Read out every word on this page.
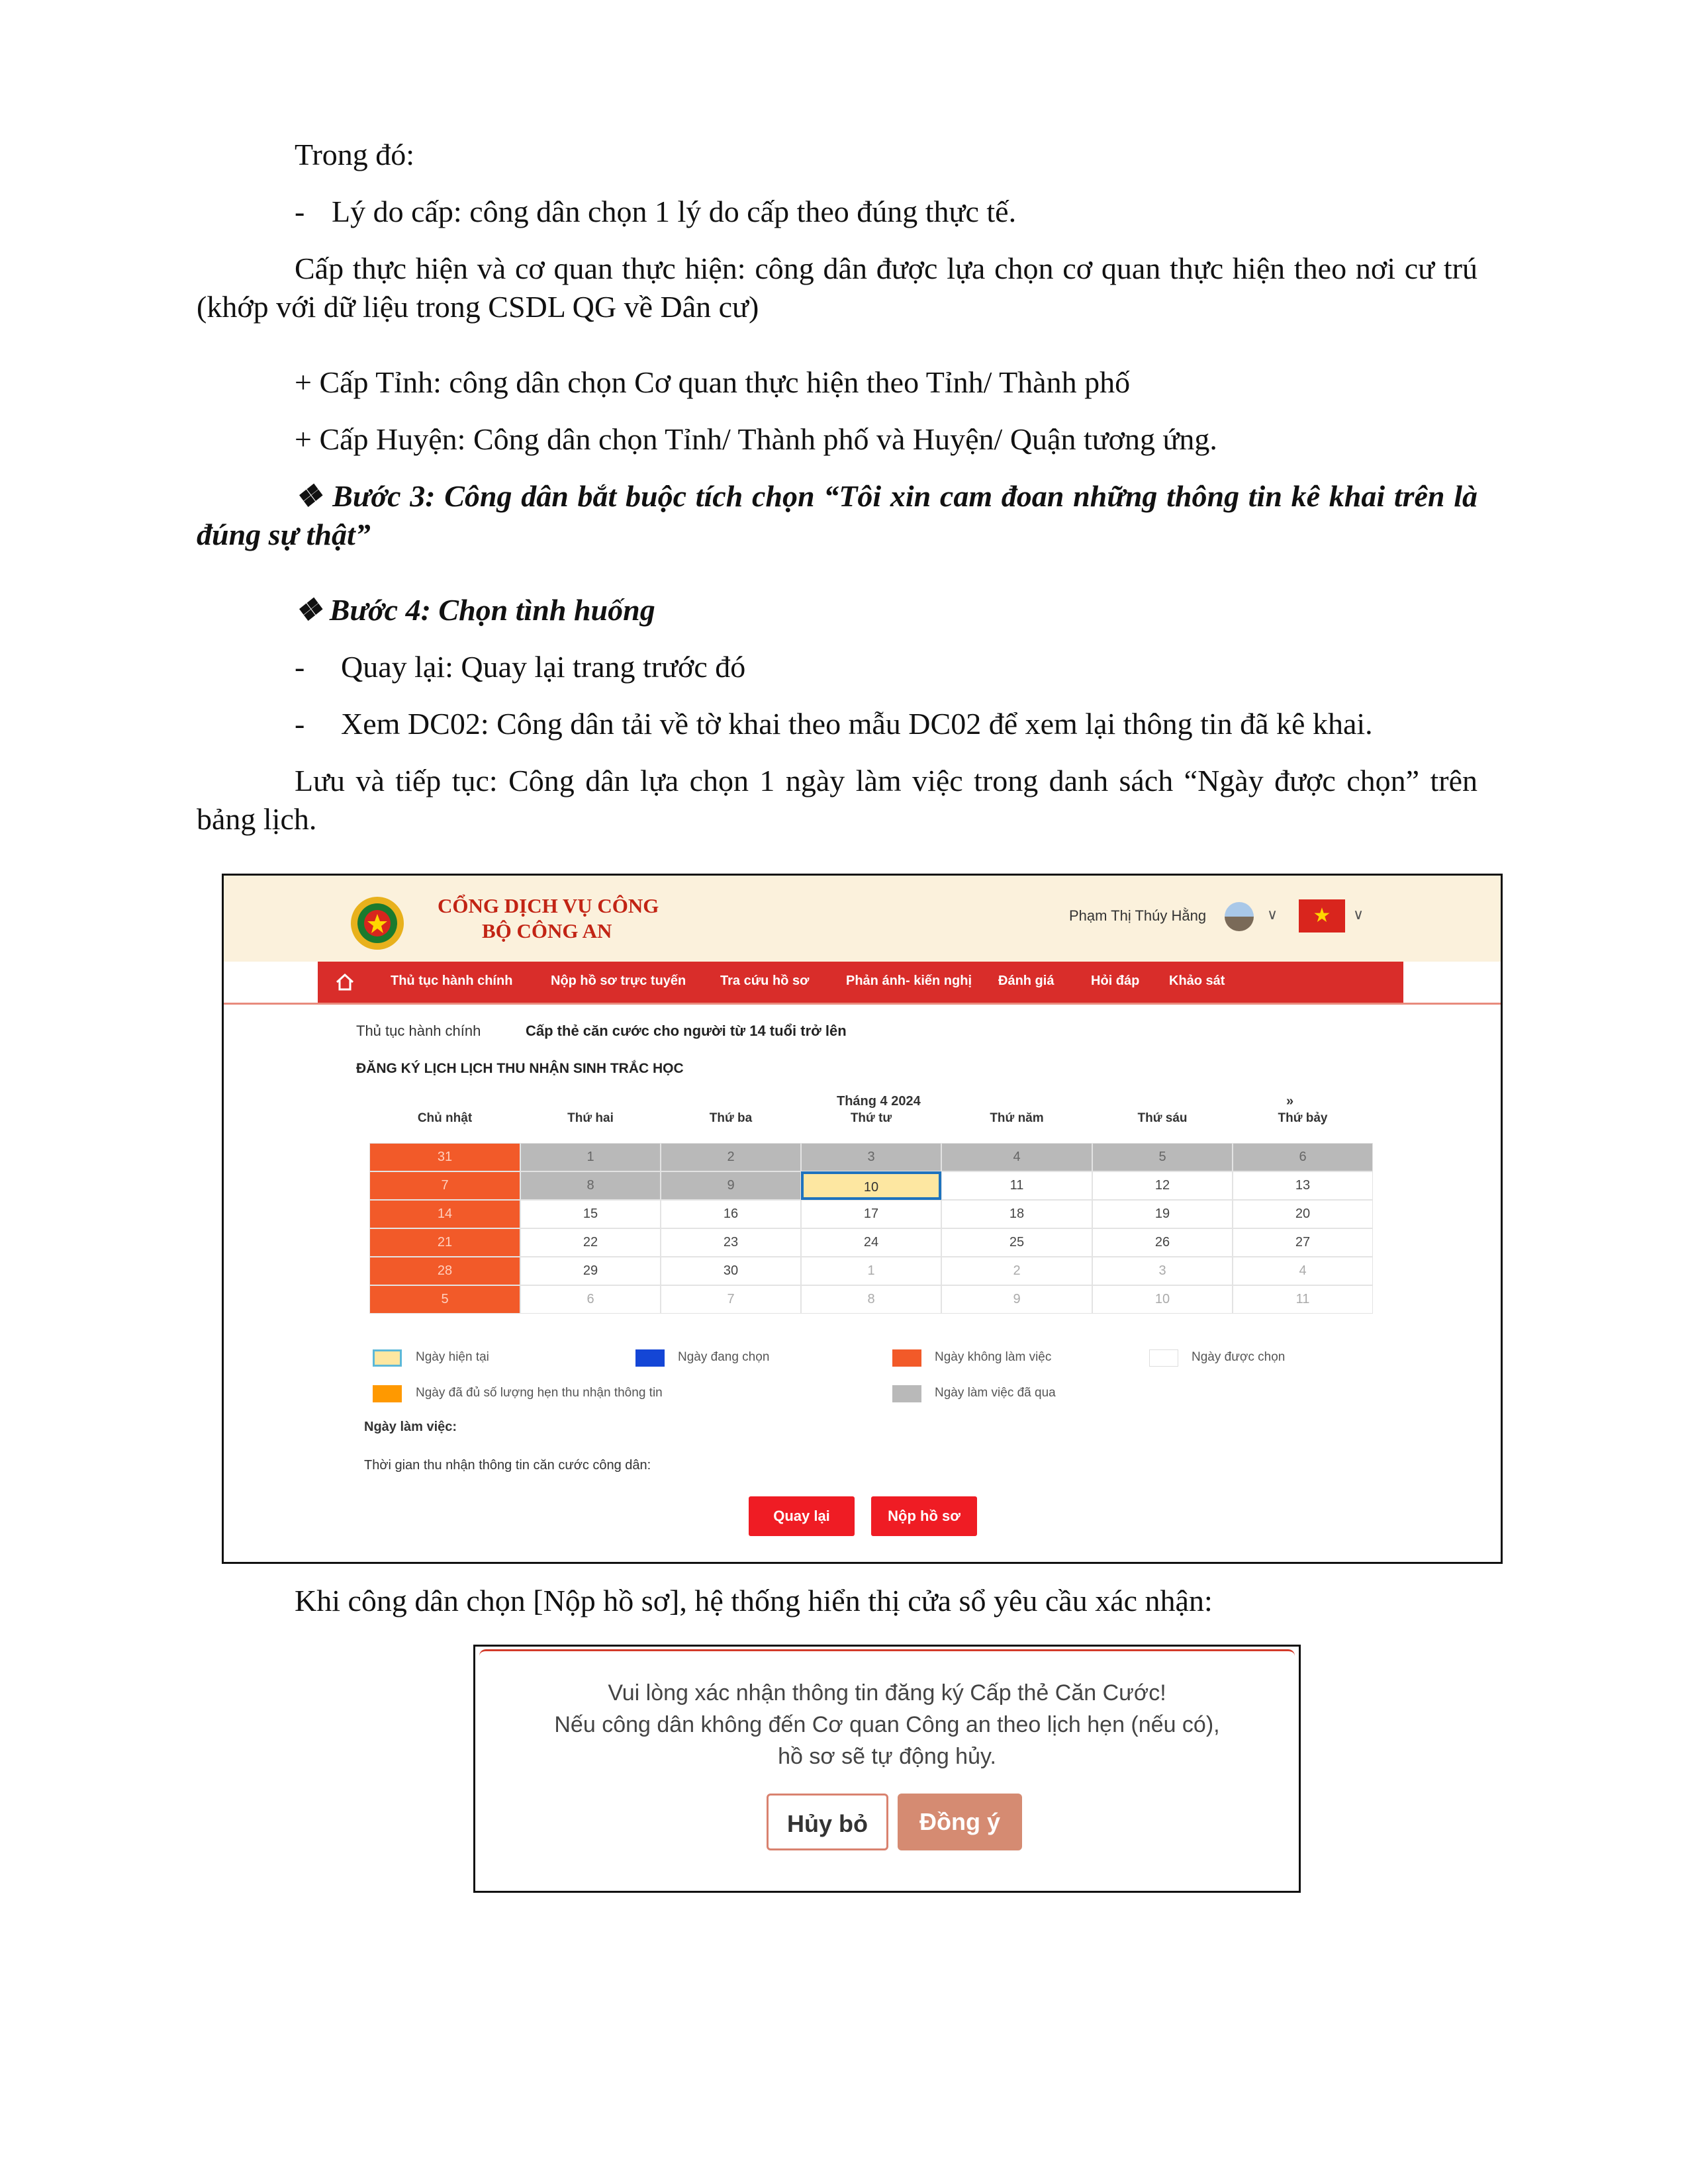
Trong đó:
- Lý do cấp: công dân chọn 1 lý do cấp theo đúng thực tế.
Cấp thực hiện và cơ quan thực hiện: công dân được lựa chọn cơ quan thực hiện theo nơi cư trú (khớp với dữ liệu trong CSDL QG về Dân cư)
+ Cấp Tỉnh: công dân chọn Cơ quan thực hiện theo Tỉnh/ Thành phố
+ Cấp Huyện: Công dân chọn Tỉnh/ Thành phố và Huyện/ Quận tương ứng.
❖ Bước 3: Công dân bắt buộc tích chọn “Tôi xin cam đoan những thông tin kê khai trên là đúng sự thật”
❖ Bước 4: Chọn tình huống
- Quay lại: Quay lại trang trước đó
- Xem DC02: Công dân tải về tờ khai theo mẫu DC02 để xem lại thông tin đã kê khai.
Lưu và tiếp tục: Công dân lựa chọn 1 ngày làm việc trong danh sách “Ngày được chọn” trên bảng lịch.
CỔNG DỊCH VỤ CÔNG
BỘ CÔNG AN
Phạm Thị Thúy Hằng	∨	★	∨
Thủ tục hành chính	Nộp hồ sơ trực tuyến	Tra cứu hồ sơ	Phản ánh- kiến nghị Đánh giá	Hỏi đáp Khảo sát
Thủ tục hành chính	Cấp thẻ căn cước cho người từ 14 tuổi trở lên
ĐĂNG KÝ LỊCH LỊCH THU NHẬN SINH TRẮC HỌC
Tháng 4 2024	»
Chủ nhật	Thứ hai	Thứ ba	Thứ tư	Thứ năm	Thứ sáu	Thứ bảy
31	1	2	3	4	5	6
7	8	9	10	11	12	13
14	15	16	17	18	19	20
21	22	23	24	25	26	27
28	29	30	1	2	3	4
5	6	7	8	9	10	11
Ngày hiện tại	Ngày đang chọn	Ngày không làm việc	Ngày được chọn
Ngày đã đủ số lượng hẹn thu nhận thông tin	Ngày làm việc đã qua
Ngày làm việc:
Thời gian thu nhận thông tin căn cước công dân:
Quay lại	Nộp hồ sơ
Khi công dân chọn [Nộp hồ sơ], hệ thống hiển thị cửa sổ yêu cầu xác nhận:
Vui lòng xác nhận thông tin đăng ký Cấp thẻ Căn Cước!
Nếu công dân không đến Cơ quan Công an theo lịch hẹn (nếu có),
hồ sơ sẽ tự động hủy.
Hủy bỏ	Đồng ý
